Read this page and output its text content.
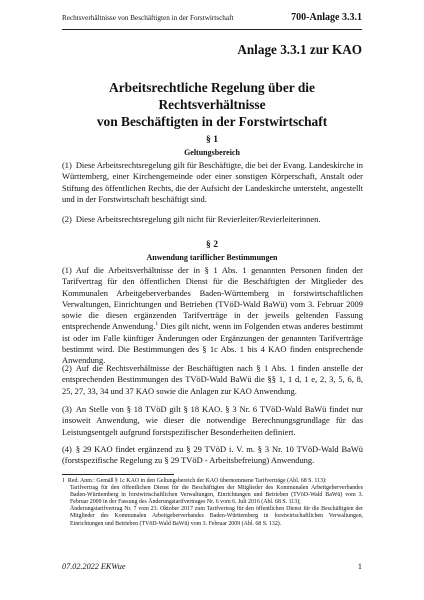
Rechtsverhältnisse von Beschäftigten in der Forstwirtschaft	700-Anlage 3.3.1
Anlage 3.3.1 zur KAO
Arbeitsrechtliche Regelung über die Rechtsverhältnisse
von Beschäftigten in der Forstwirtschaft
§ 1
Geltungsbereich
(1) Diese Arbeitsrechtsregelung gilt für Beschäftigte, die bei der Evang. Landeskirche in Württemberg, einer Kirchengemeinde oder einer sonstigen Körperschaft, Anstalt oder Stiftung des öffentlichen Rechts, die der Aufsicht der Landeskirche untersteht, angestellt und in der Forstwirtschaft beschäftigt sind.
(2) Diese Arbeitsrechtsregelung gilt nicht für Revierleiter/Revierleiterinnen.
§ 2
Anwendung tariflicher Bestimmungen
(1) Auf die Arbeitsverhältnisse der in § 1 Abs. 1 genannten Personen finden der Tarifvertrag für den öffentlichen Dienst für die Beschäftigten der Mitglieder des Kommunalen Arbeitgeberverbandes Baden-Württemberg in forstwirtschaftlichen Verwaltungen, Einrichtungen und Betrieben (TVöD-Wald BaWü) vom 3. Februar 2009 sowie die diesen ergänzenden Tarifverträge in der jeweils geltenden Fassung entsprechende Anwendung.$^1$ Dies gilt nicht, wenn im Folgenden etwas anderes bestimmt ist oder im Falle künftiger Änderungen oder Ergänzungen der genannten Tarifverträge bestimmt wird. Die Bestimmungen des § 1c Abs. 1 bis 4 KAO finden entsprechende Anwendung.
(2) Auf die Rechtsverhältnisse der Beschäftigten nach § 1 Abs. 1 finden anstelle der entsprechenden Bestimmungen des TVöD-Wald BaWü die §§ 1, 1 d, 1 e, 2, 3, 5, 6, 8, 25, 27, 33, 34 und 37 KAO sowie die Anlagen zur KAO Anwendung.
(3) An Stelle von § 18 TVöD gilt § 18 KAO. § 3 Nr. 6 TVöD-Wald BaWü findet nur insoweit Anwendung, wie dieser die notwendige Berechnungsgrundlage für das Leistungsentgelt aufgrund forstspezifischer Besonderheiten definiert.
(4) § 29 KAO findet ergänzend zu § 29 TVöD i. V. m. § 3 Nr. 10 TVöD-Wald BaWü (forstspezifische Regelung zu § 29 TVöD - Arbeitsbefreiung) Anwendung.
1 Red. Anm.: Gemäß § 1c KAO in den Geltungsbereich der KAO übernommene Tarifverträge (Abl. 68 S. 113):
Tarifvertrag für den öffentlichen Dienst für die Beschäftigten der Mitglieder des Kommunalen Arbeitgeberverbandes Baden-Württemberg in forstwirtschaftlichen Verwaltungen, Einrichtungen und Betrieben (TVöD-Wald BaWü) vom 3. Februar 2009 in der Fassung des Änderungstarifvertrages Nr. 6 vom 6. Juli 2016 (Abl. 68 S. 113);
Änderungstarifvertrag Nr. 7 vom 23. Oktober 2017 zum Tarifvertrag für den öffentlichen Dienst für die Beschäftigten der Mitglieder des Kommunalen Arbeitgeberverbandes Baden-Württemberg in forstwirtschaftlichen Verwaltungen, Einrichtungen und Betrieben (TVöD-Wald BaWü) vom 3. Februar 2009 (Abl. 68 S. 132).
07.02.2022 EKWue	1
